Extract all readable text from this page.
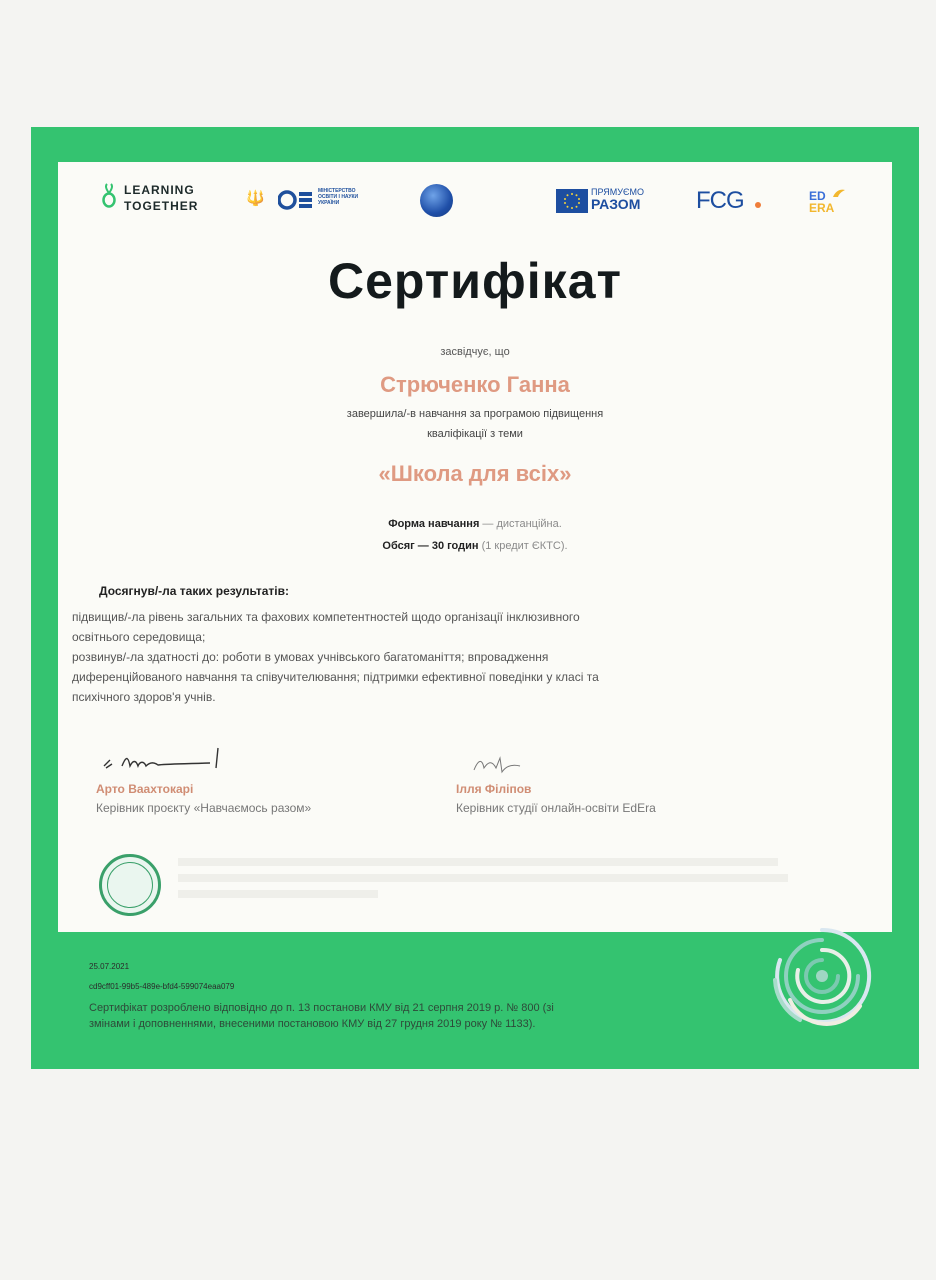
LEARNING
TOGETHER	🔱	МІНІСТЕРСТВО
ОСВІТИ І НАУКИ
УКРАЇНИ
ПРЯМУЄМО
РАЗОМ FCG	ED
ERA
Сертифікат
засвідчує, що
Стрюченко Ганна
завершила/-в навчання за програмою підвищення
кваліфікації з теми
«Школа для всіх»
Форма навчання — дистанційна.
Обсяг — 30 годин (1 кредит ЄКТС).
Досягнув/-ла таких результатів:
підвищив/-ла рівень загальних та фахових компетентностей щодо організації інклюзивного
освітнього середовища;
розвинув/-ла здатності до: роботи в умовах учнівського багатоманіття; впровадження
диференційованого навчання та співучителювання; підтримки ефективної поведінки у класі та
психічного здоров'я учнів.
Арто Ваахтокарі
Керівник проєкту «Навчаємось разом»
Ілля Філіпов
Керівник студії онлайн-освіти EdEra
25.07.2021
cd9cff01-99b5-489e-bfd4-599074eaa079
Сертифікат розроблено відповідно до п. 13 постанови КМУ від 21 серпня 2019 р. № 800 (зі
змінами і доповненнями, внесеними постановою КМУ від 27 грудня 2019 року № 1133).
